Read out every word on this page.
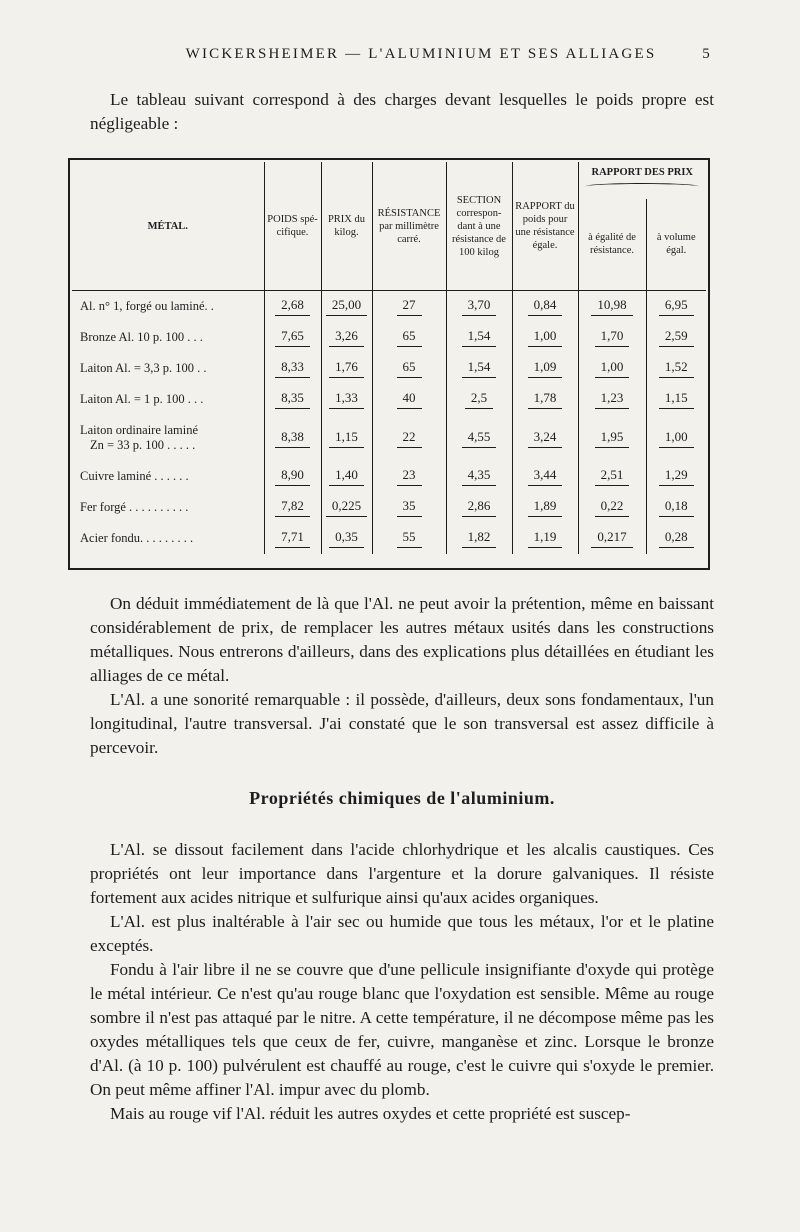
WICKERSHEIMER — L'ALUMINIUM ET SES ALLIAGES	5

Le tableau suivant correspond à des charges devant lesquelles le poids propre est négligeable :

MÉTAL.	POIDS spé-cifique.	PRIX du kilog.	RÉSISTANCE par millimètre carré.	SECTION correspon-dant à une résistance de 100 kilog	RAPPORT du poids pour une résistance égale.	RAPPORT DES PRIX	

						à égalité de résistance.	à volume égal.
Al. n° 1, forgé ou laminé. .	2,68	25,00	27	3,70	0,84	10,98	6,95
Bronze Al. 10 p. 100 . . .	7,65	3,26	65	1,54	1,00	1,70	2,59
Laiton Al. = 3,3 p. 100 . .	8,33	1,76	65	1,54	1,09	1,00	1,52
Laiton Al. = 1 p. 100 . . .	8,35	1,33	40	2,5	1,78	1,23	1,15
Laiton ordinaire laminé
Zn = 33 p. 100 . . . . .	8,38	1,15	22	4,55	3,24	1,95	1,00
Cuivre laminé . . . . . .	8,90	1,40	23	4,35	3,44	2,51	1,29
Fer forgé . . . . . . . . . .	7,82	0,225	35	2,86	1,89	0,22	0,18
Acier fondu. . . . . . . . .	7,71	0,35	55	1,82	1,19	0,217	0,28

On déduit immédiatement de là que l'Al. ne peut avoir la prétention, même en baissant considérablement de prix, de remplacer les autres métaux usités dans les constructions métalliques. Nous entrerons d'ailleurs, dans des explications plus détaillées en étudiant les alliages de ce métal.

L'Al. a une sonorité remarquable : il possède, d'ailleurs, deux sons fondamentaux, l'un longitudinal, l'autre transversal. J'ai constaté que le son transversal est assez difficile à percevoir.

Propriétés chimiques de l'aluminium.

L'Al. se dissout facilement dans l'acide chlorhydrique et les alcalis caustiques. Ces propriétés ont leur importance dans l'argenture et la dorure galvaniques. Il résiste fortement aux acides nitrique et sulfurique ainsi qu'aux acides organiques.

L'Al. est plus inaltérable à l'air sec ou humide que tous les métaux, l'or et le platine exceptés.

Fondu à l'air libre il ne se couvre que d'une pellicule insignifiante d'oxyde qui protège le métal intérieur. Ce n'est qu'au rouge blanc que l'oxydation est sensible. Même au rouge sombre il n'est pas attaqué par le nitre. A cette température, il ne décompose même pas les oxydes métalliques tels que ceux de fer, cuivre, manganèse et zinc. Lorsque le bronze d'Al. (à 10 p. 100) pulvérulent est chauffé au rouge, c'est le cuivre qui s'oxyde le premier. On peut même affiner l'Al. impur avec du plomb.

Mais au rouge vif l'Al. réduit les autres oxydes et cette propriété est suscep-
